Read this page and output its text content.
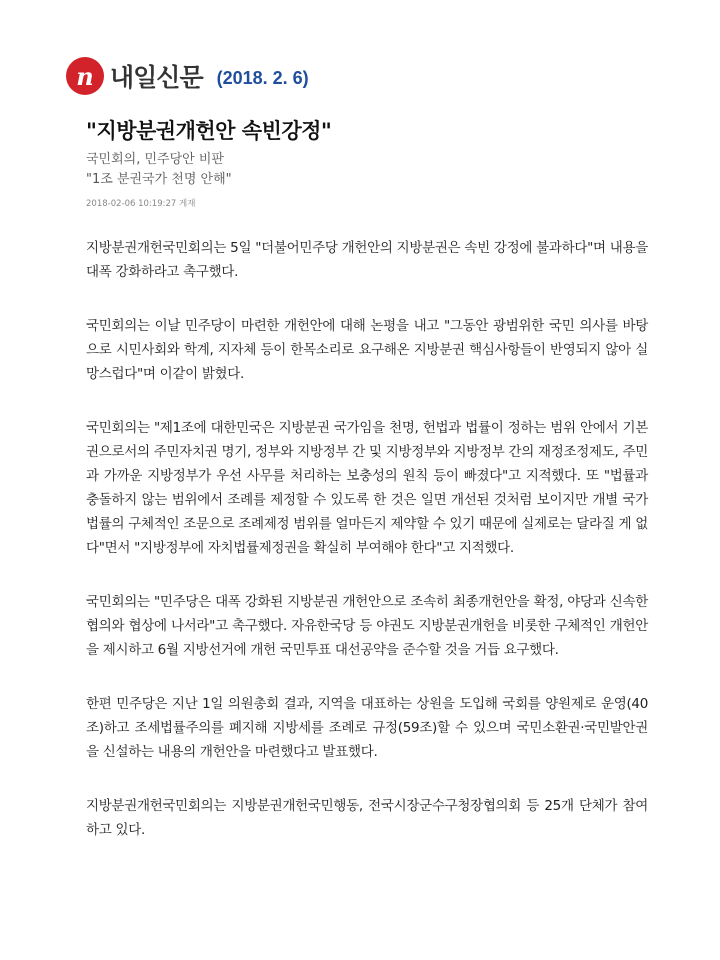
n 내일신문 (2018. 2. 6)
"지방분권개헌안 속빈강정"
국민회의, 민주당안 비판
"1조 분권국가 천명 안해"
2018-02-06 10:19:27 게재

지방분권개헌국민회의는 5일 "더불어민주당 개헌안의 지방분권은 속빈 강정에 불과하다"며 내용을 대폭 강화하라고 촉구했다.

국민회의는 이날 민주당이 마련한 개헌안에 대해 논평을 내고 "그동안 광범위한 국민 의사를 바탕으로 시민사회와 학계, 지자체 등이 한목소리로 요구해온 지방분권 핵심사항들이 반영되지 않아 실망스럽다"며 이같이 밝혔다.

국민회의는 "제1조에 대한민국은 지방분권 국가임을 천명, 헌법과 법률이 정하는 범위 안에서 기본권으로서의 주민자치권 명기, 정부와 지방정부 간 및 지방정부와 지방정부 간의 재정조정제도, 주민과 가까운 지방정부가 우선 사무를 처리하는 보충성의 원칙 등이 빠졌다"고 지적했다. 또 "법률과 충돌하지 않는 범위에서 조례를 제정할 수 있도록 한 것은 일면 개선된 것처럼 보이지만 개별 국가법률의 구체적인 조문으로 조례제정 범위를 얼마든지 제약할 수 있기 때문에 실제로는 달라질 게 없다"면서 "지방정부에 자치법률제정권을 확실히 부여해야 한다"고 지적했다.

국민회의는 "민주당은 대폭 강화된 지방분권 개헌안으로 조속히 최종개헌안을 확정, 야당과 신속한 협의와 협상에 나서라"고 촉구했다. 자유한국당 등 야권도 지방분권개헌을 비롯한 구체적인 개헌안을 제시하고 6월 지방선거에 개헌 국민투표 대선공약을 준수할 것을 거듭 요구했다.

한편 민주당은 지난 1일 의원총회 결과, 지역을 대표하는 상원을 도입해 국회를 양원제로 운영(40조)하고 조세법률주의를 폐지해 지방세를 조례로 규정(59조)할 수 있으며 국민소환권·국민발안권을 신설하는 내용의 개헌안을 마련했다고 발표했다.

지방분권개헌국민회의는 지방분권개헌국민행동, 전국시장군수구청장협의회 등 25개 단체가 참여하고 있다.
